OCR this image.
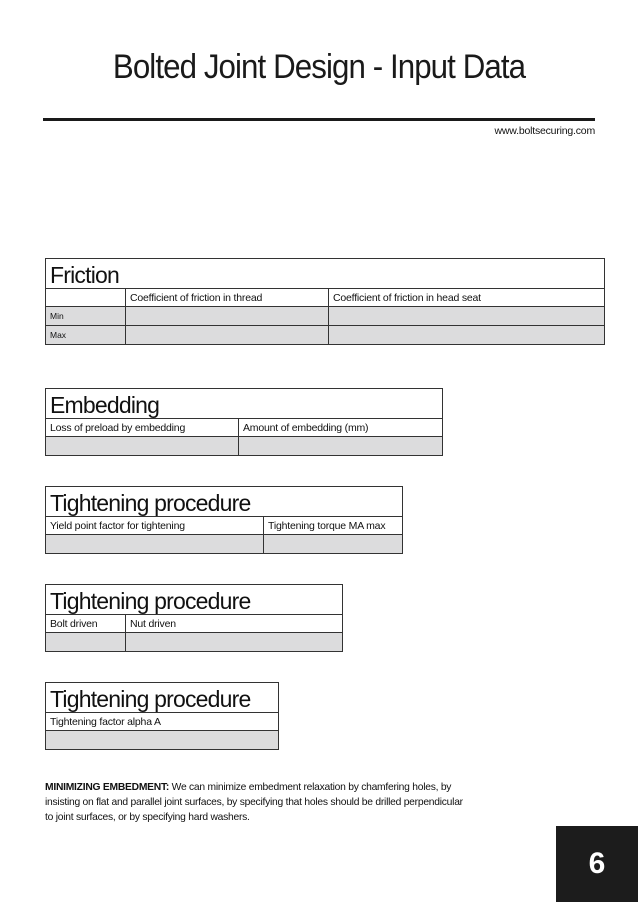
Bolted Joint Design - Input Data
www.boltsecuring.com
Friction		
	Coefficient of friction in thread	Coefficient of friction in head seat
Min		
Max		
Embedding	
Loss of preload by embedding	Amount of embedding (mm)

Tightening procedure	
Yield point factor for tightening	Tightening torque MA max

Tightening procedure	
Bolt driven	Nut driven

Tightening procedure
Tightening factor alpha A

MINIMIZING EMBEDMENT: We can minimize embedment relaxation by chamfering holes, by insisting on flat and parallel joint surfaces, by specifying that holes should be drilled perpendicular to joint surfaces, or by specifying hard washers.
6
